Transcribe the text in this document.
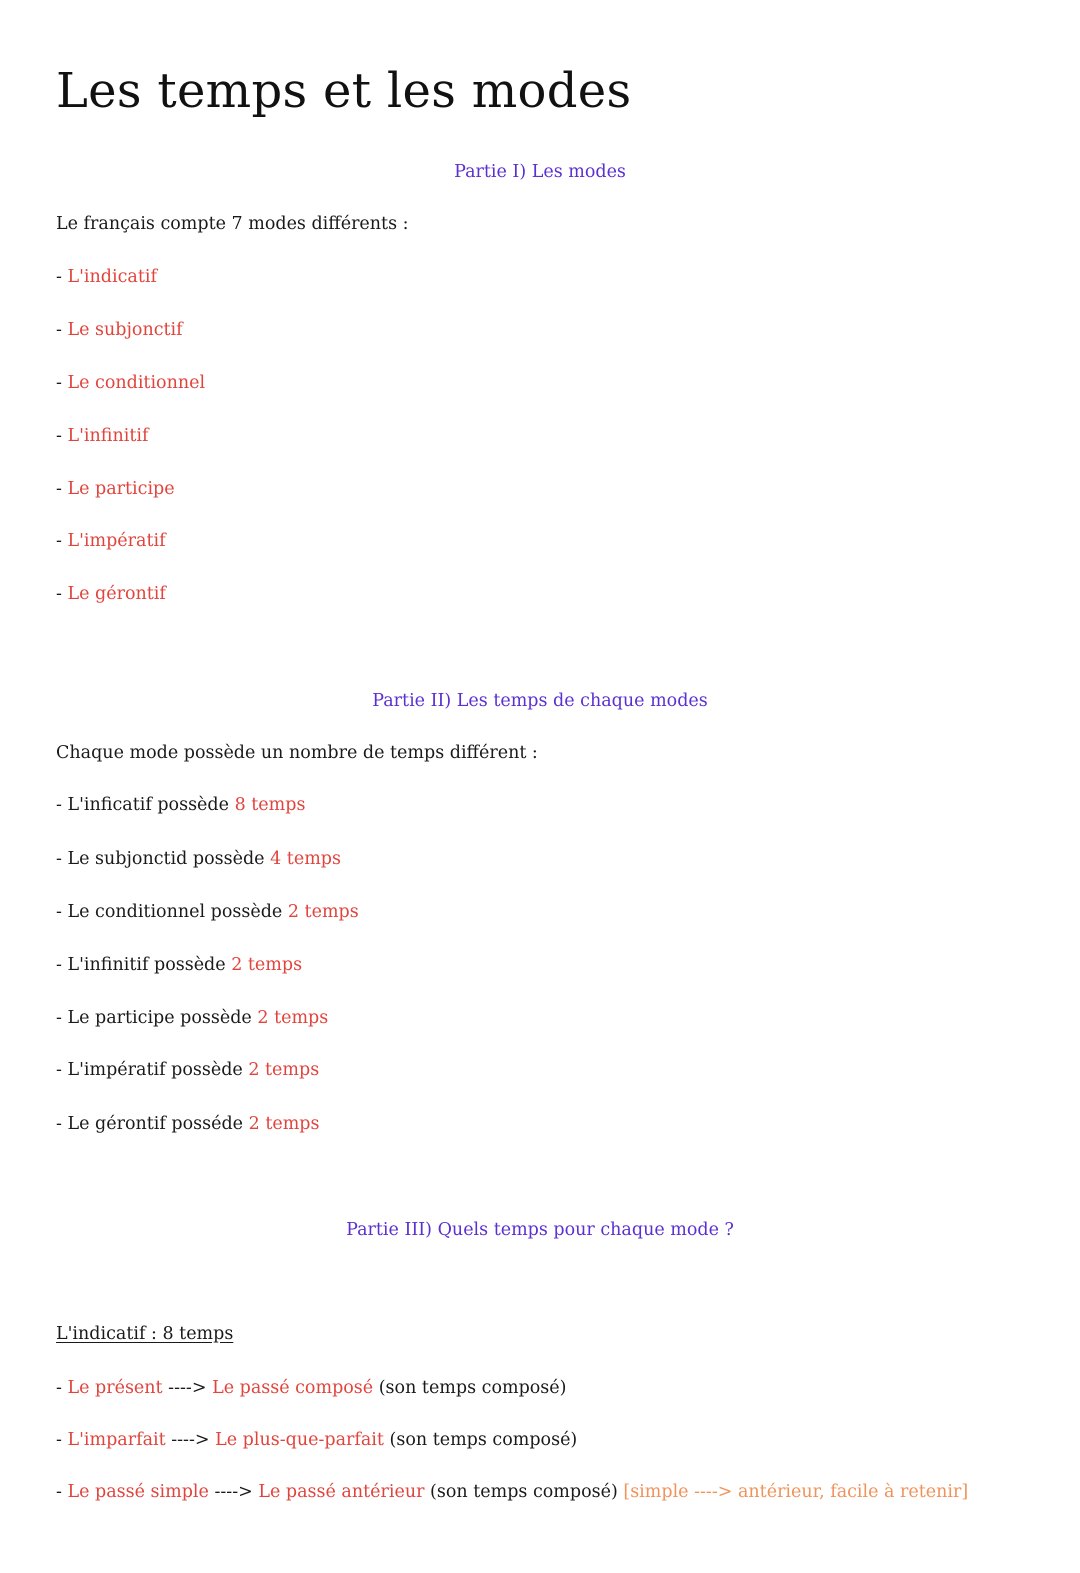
Les temps et les modes
Partie I) Les modes
Le français compte 7 modes différents :
- L'indicatif
- Le subjonctif
- Le conditionnel
- L'infinitif
- Le participe
- L'impératif
- Le gérontif
Partie II) Les temps de chaque modes
Chaque mode possède un nombre de temps différent :
- L'inficatif possède 8 temps
- Le subjonctid possède 4 temps
- Le conditionnel possède 2 temps
- L'infinitif possède 2 temps
- Le participe possède 2 temps
- L'impératif possède 2 temps
- Le gérontif possédе 2 temps
Partie III) Quels temps pour chaque mode ?
L'indicatif : 8 temps
- Le présent ----> Le passé composé (son temps composé)
- L'imparfait ----> Le plus-que-parfait (son temps composé)
- Le passé simple ----> Le passé antérieur (son temps composé) [simple ----> antérieur, facile à retenir]
